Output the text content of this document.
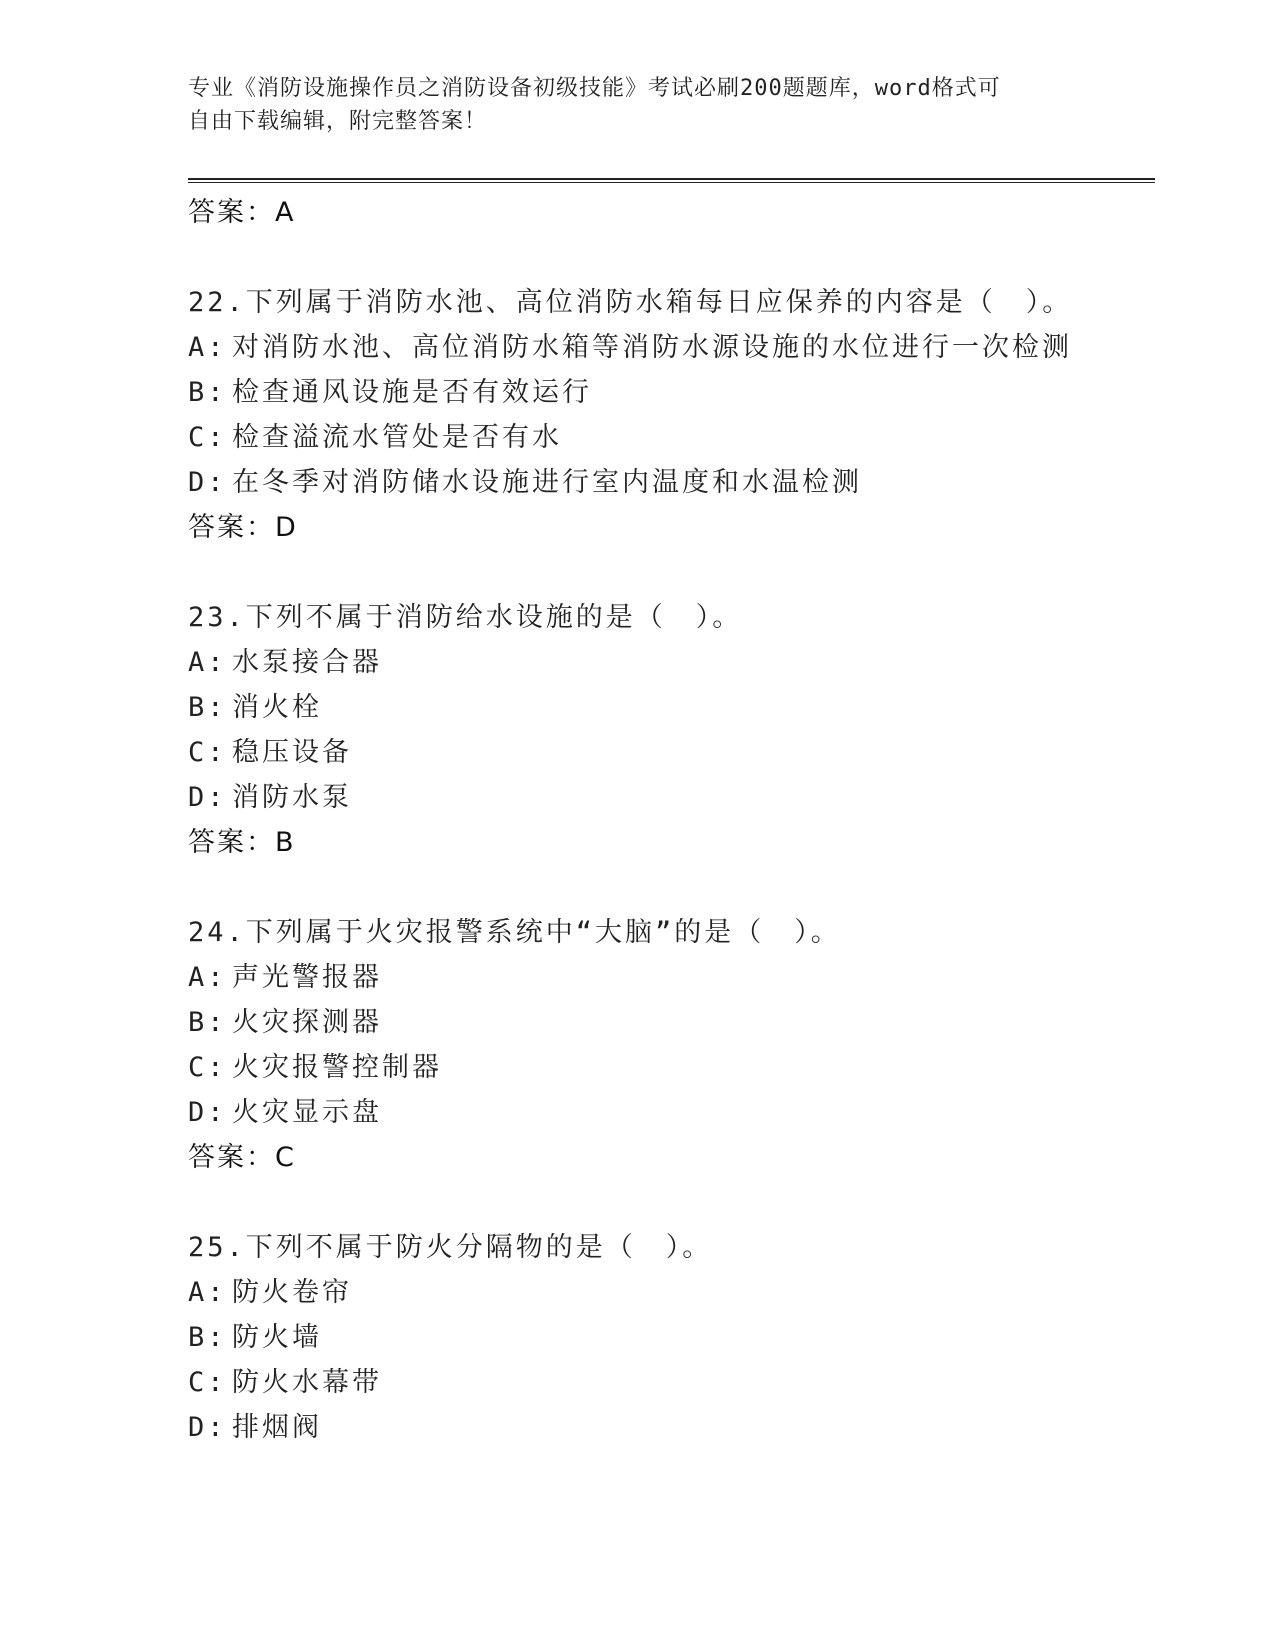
专业《消防设施操作员之消防设备初级技能》考试必刷200题题库，word格式可
自由下载编辑，附完整答案！
答案：A
22.下列属于消防水池、高位消防水箱每日应保养的内容是（　）。
A: 对消防水池、高位消防水箱等消防水源设施的水位进行一次检测
B: 检查通风设施是否有效运行
C: 检查溢流水管处是否有水
D: 在冬季对消防储水设施进行室内温度和水温检测
答案：D
23.下列不属于消防给水设施的是（　）。
A: 水泵接合器
B: 消火栓
C: 稳压设备
D: 消防水泵
答案：B
24.下列属于火灾报警系统中“大脑”的是（　）。
A: 声光警报器
B: 火灾探测器
C: 火灾报警控制器
D: 火灾显示盘
答案：C
25.下列不属于防火分隔物的是（　）。
A: 防火卷帘
B: 防火墙
C: 防火水幕带
D: 排烟阀
